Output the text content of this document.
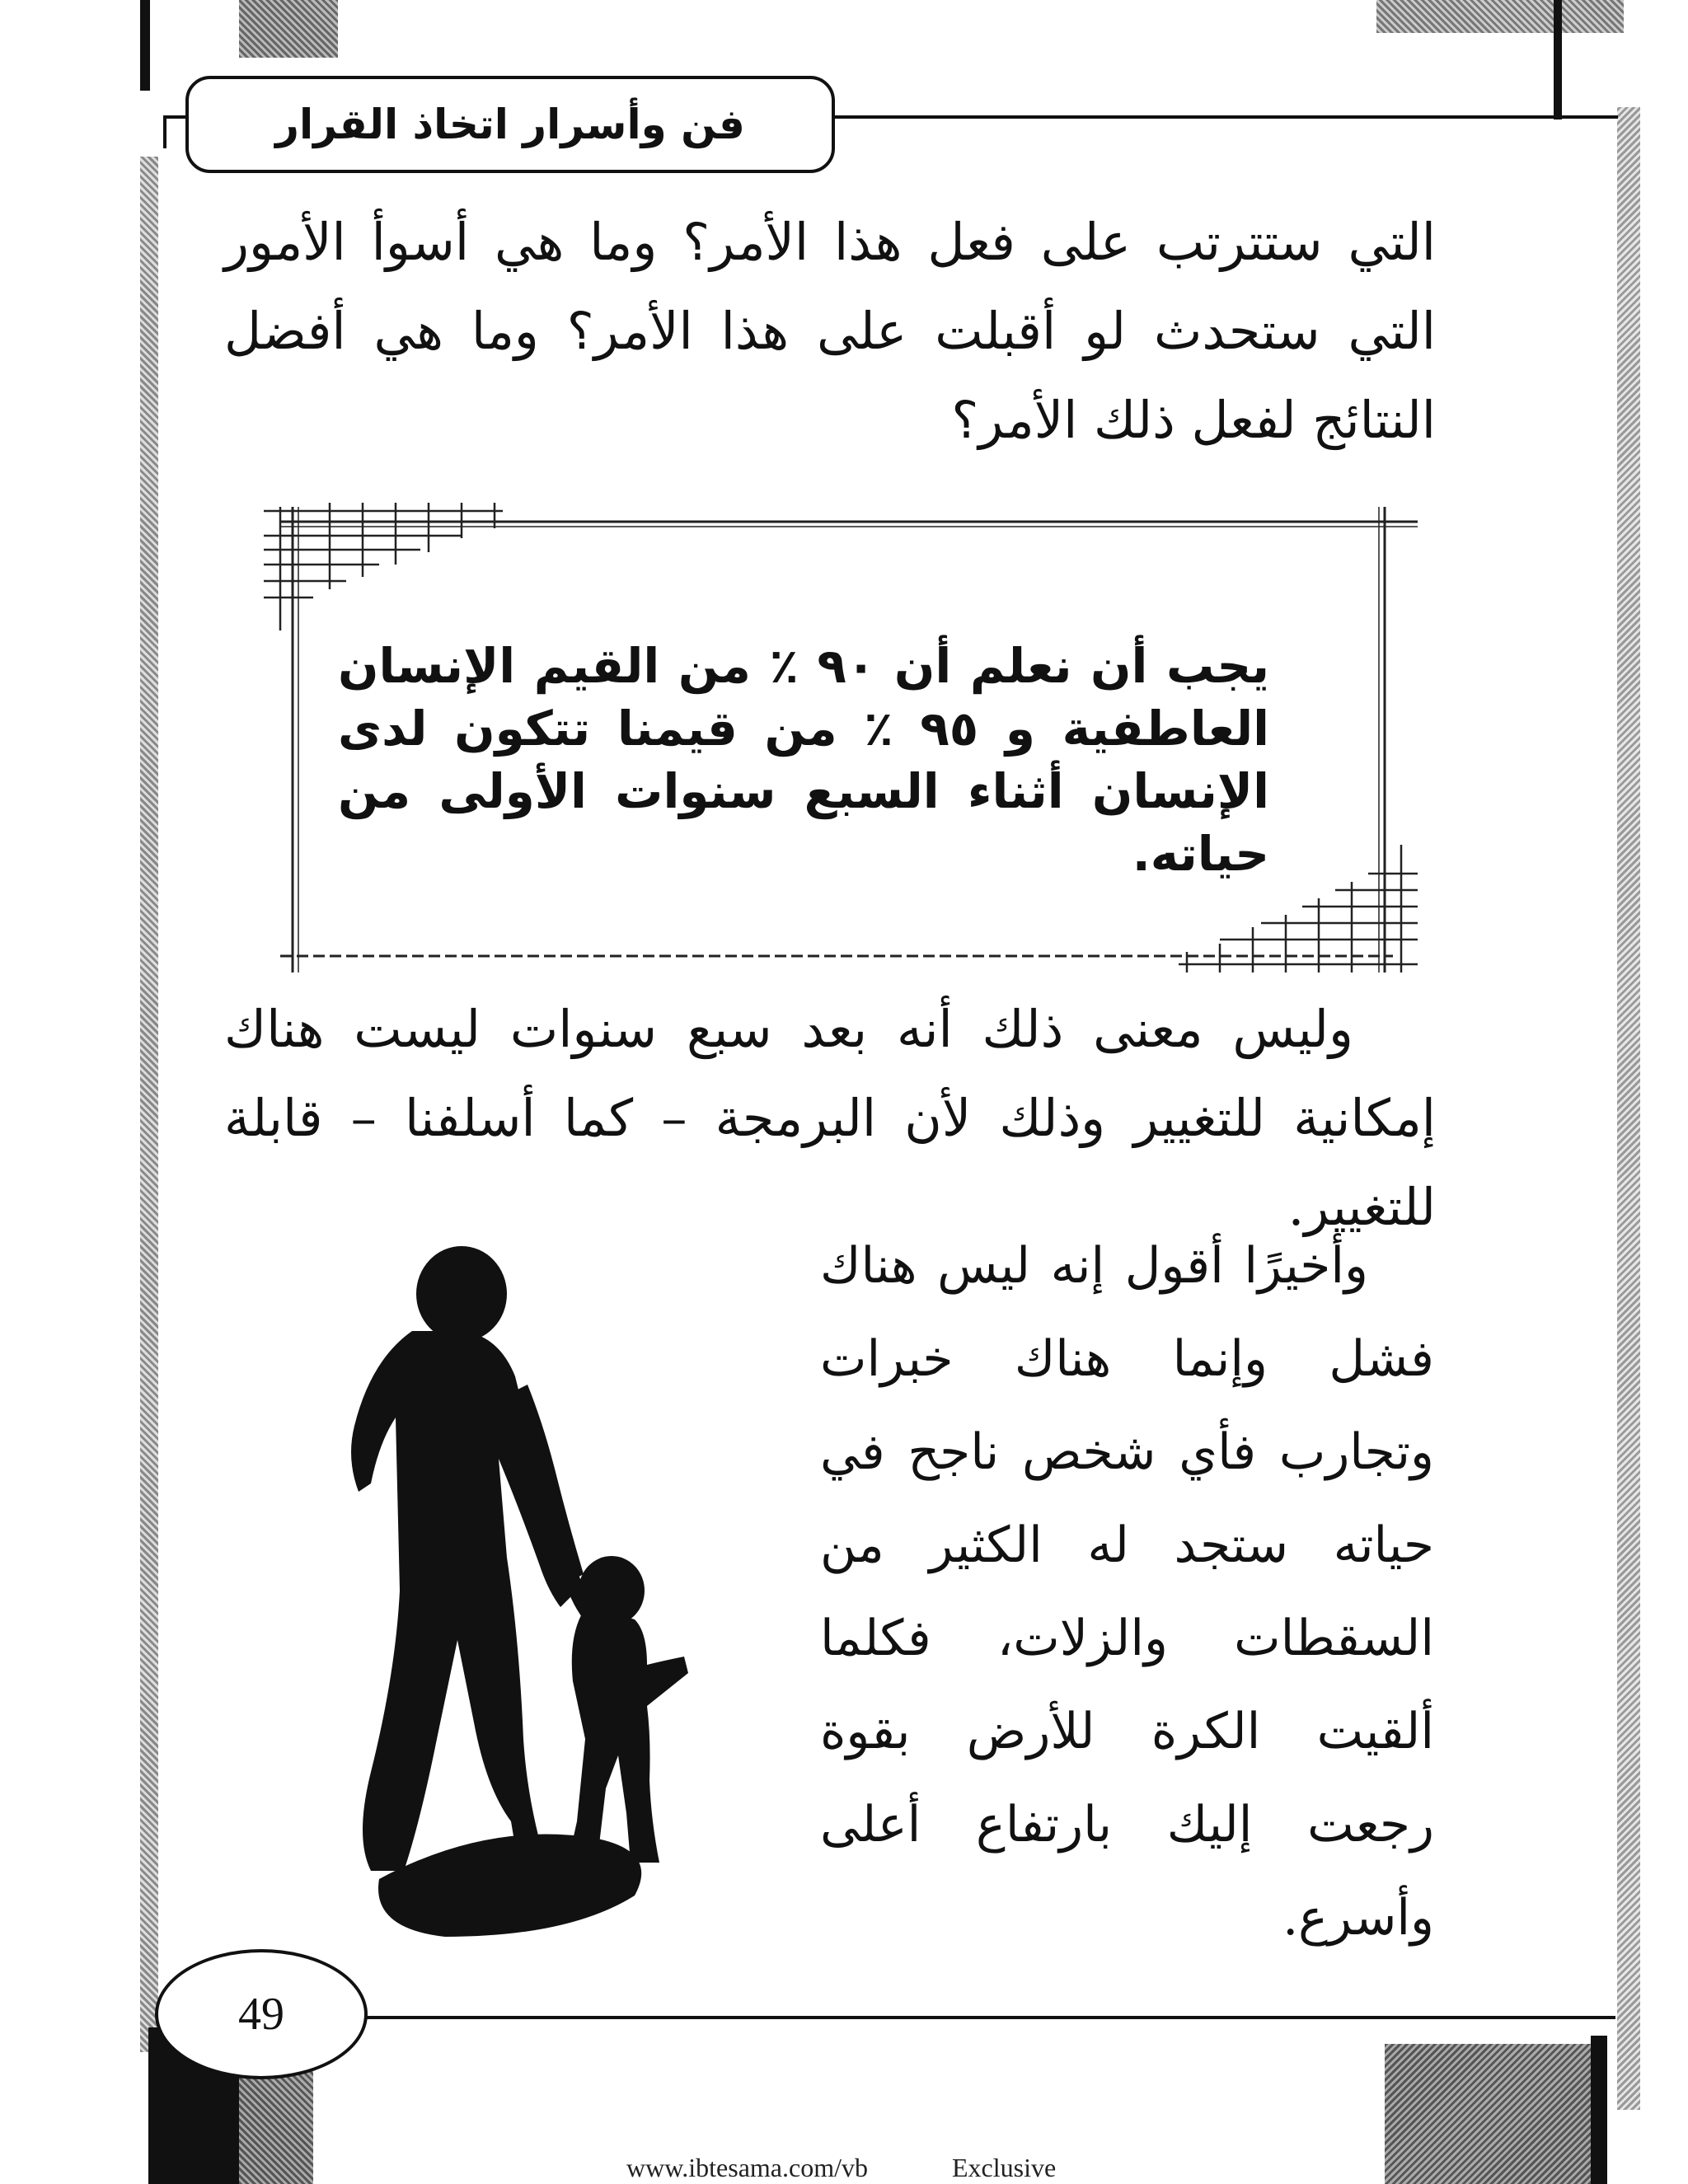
فن وأسرار اتخاذ القرار
التي ستترتب على فعل هذا الأمر؟ وما هي أسوأ الأمور التي ستحدث لو أقبلت على هذا الأمر؟ وما هي أفضل النتائج لفعل ذلك الأمر؟
يجب أن نعلم أن ٩٠ ٪ من القيم الإنسان العاطفية و ٩٥ ٪ من قيمنا تتكون لدى الإنسان أثناء السبع سنوات الأولى من حياته.
وليس معنى ذلك أنه بعد سبع سنوات ليست هناك إمكانية للتغيير وذلك لأن البرمجة – كما أسلفنا – قابلة للتغيير.
وأخيرًا أقول إنه ليس هناك فشل وإنما هناك خبرات وتجارب فأي شخص ناجح في حياته ستجد له الكثير من السقطات والزلات، فكلما ألقيت الكرة للأرض بقوة رجعت إليك بارتفاع أعلى وأسرع.
49
www.ibtesama.com/vb	Exclusive
